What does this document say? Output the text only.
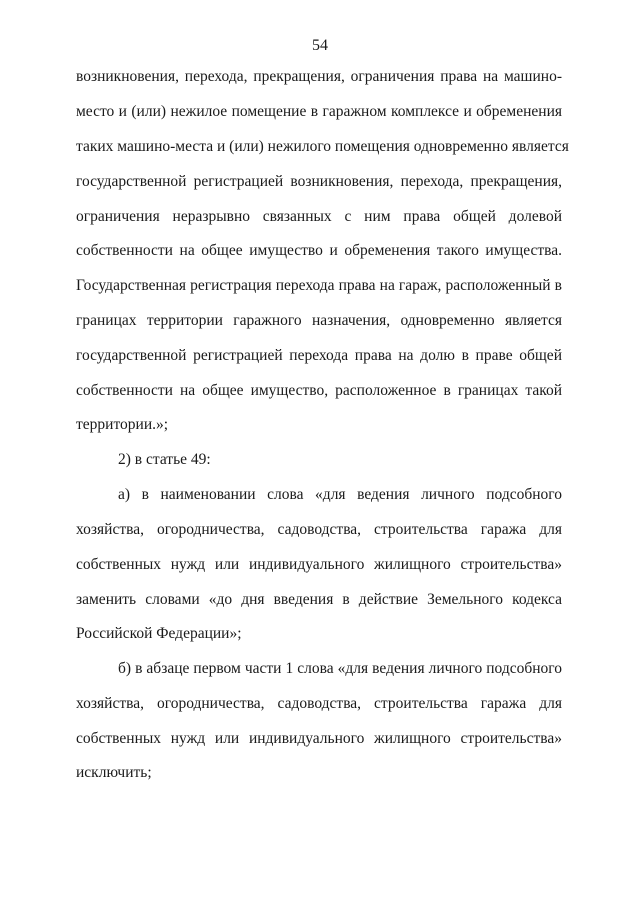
54
возникновения, перехода, прекращения, ограничения права на машино-
место и (или) нежилое помещение в гаражном комплексе и обременения
таких машино-места и (или) нежилого помещения одновременно является
государственной регистрацией возникновения, перехода, прекращения,
ограничения неразрывно связанных с ним права общей долевой
собственности на общее имущество и обременения такого имущества.
Государственная регистрация перехода права на гараж, расположенный в
границах территории гаражного назначения, одновременно является
государственной регистрацией перехода права на долю в праве общей
собственности на общее имущество, расположенное в границах такой
территории.»;
2) в статье 49:
а) в наименовании слова «для ведения личного подсобного
хозяйства, огородничества, садоводства, строительства гаража для
собственных нужд или индивидуального жилищного строительства»
заменить словами «до дня введения в действие Земельного кодекса
Российской Федерации»;
б) в абзаце первом части 1 слова «для ведения личного подсобного
хозяйства, огородничества, садоводства, строительства гаража для
собственных нужд или индивидуального жилищного строительства»
исключить;
